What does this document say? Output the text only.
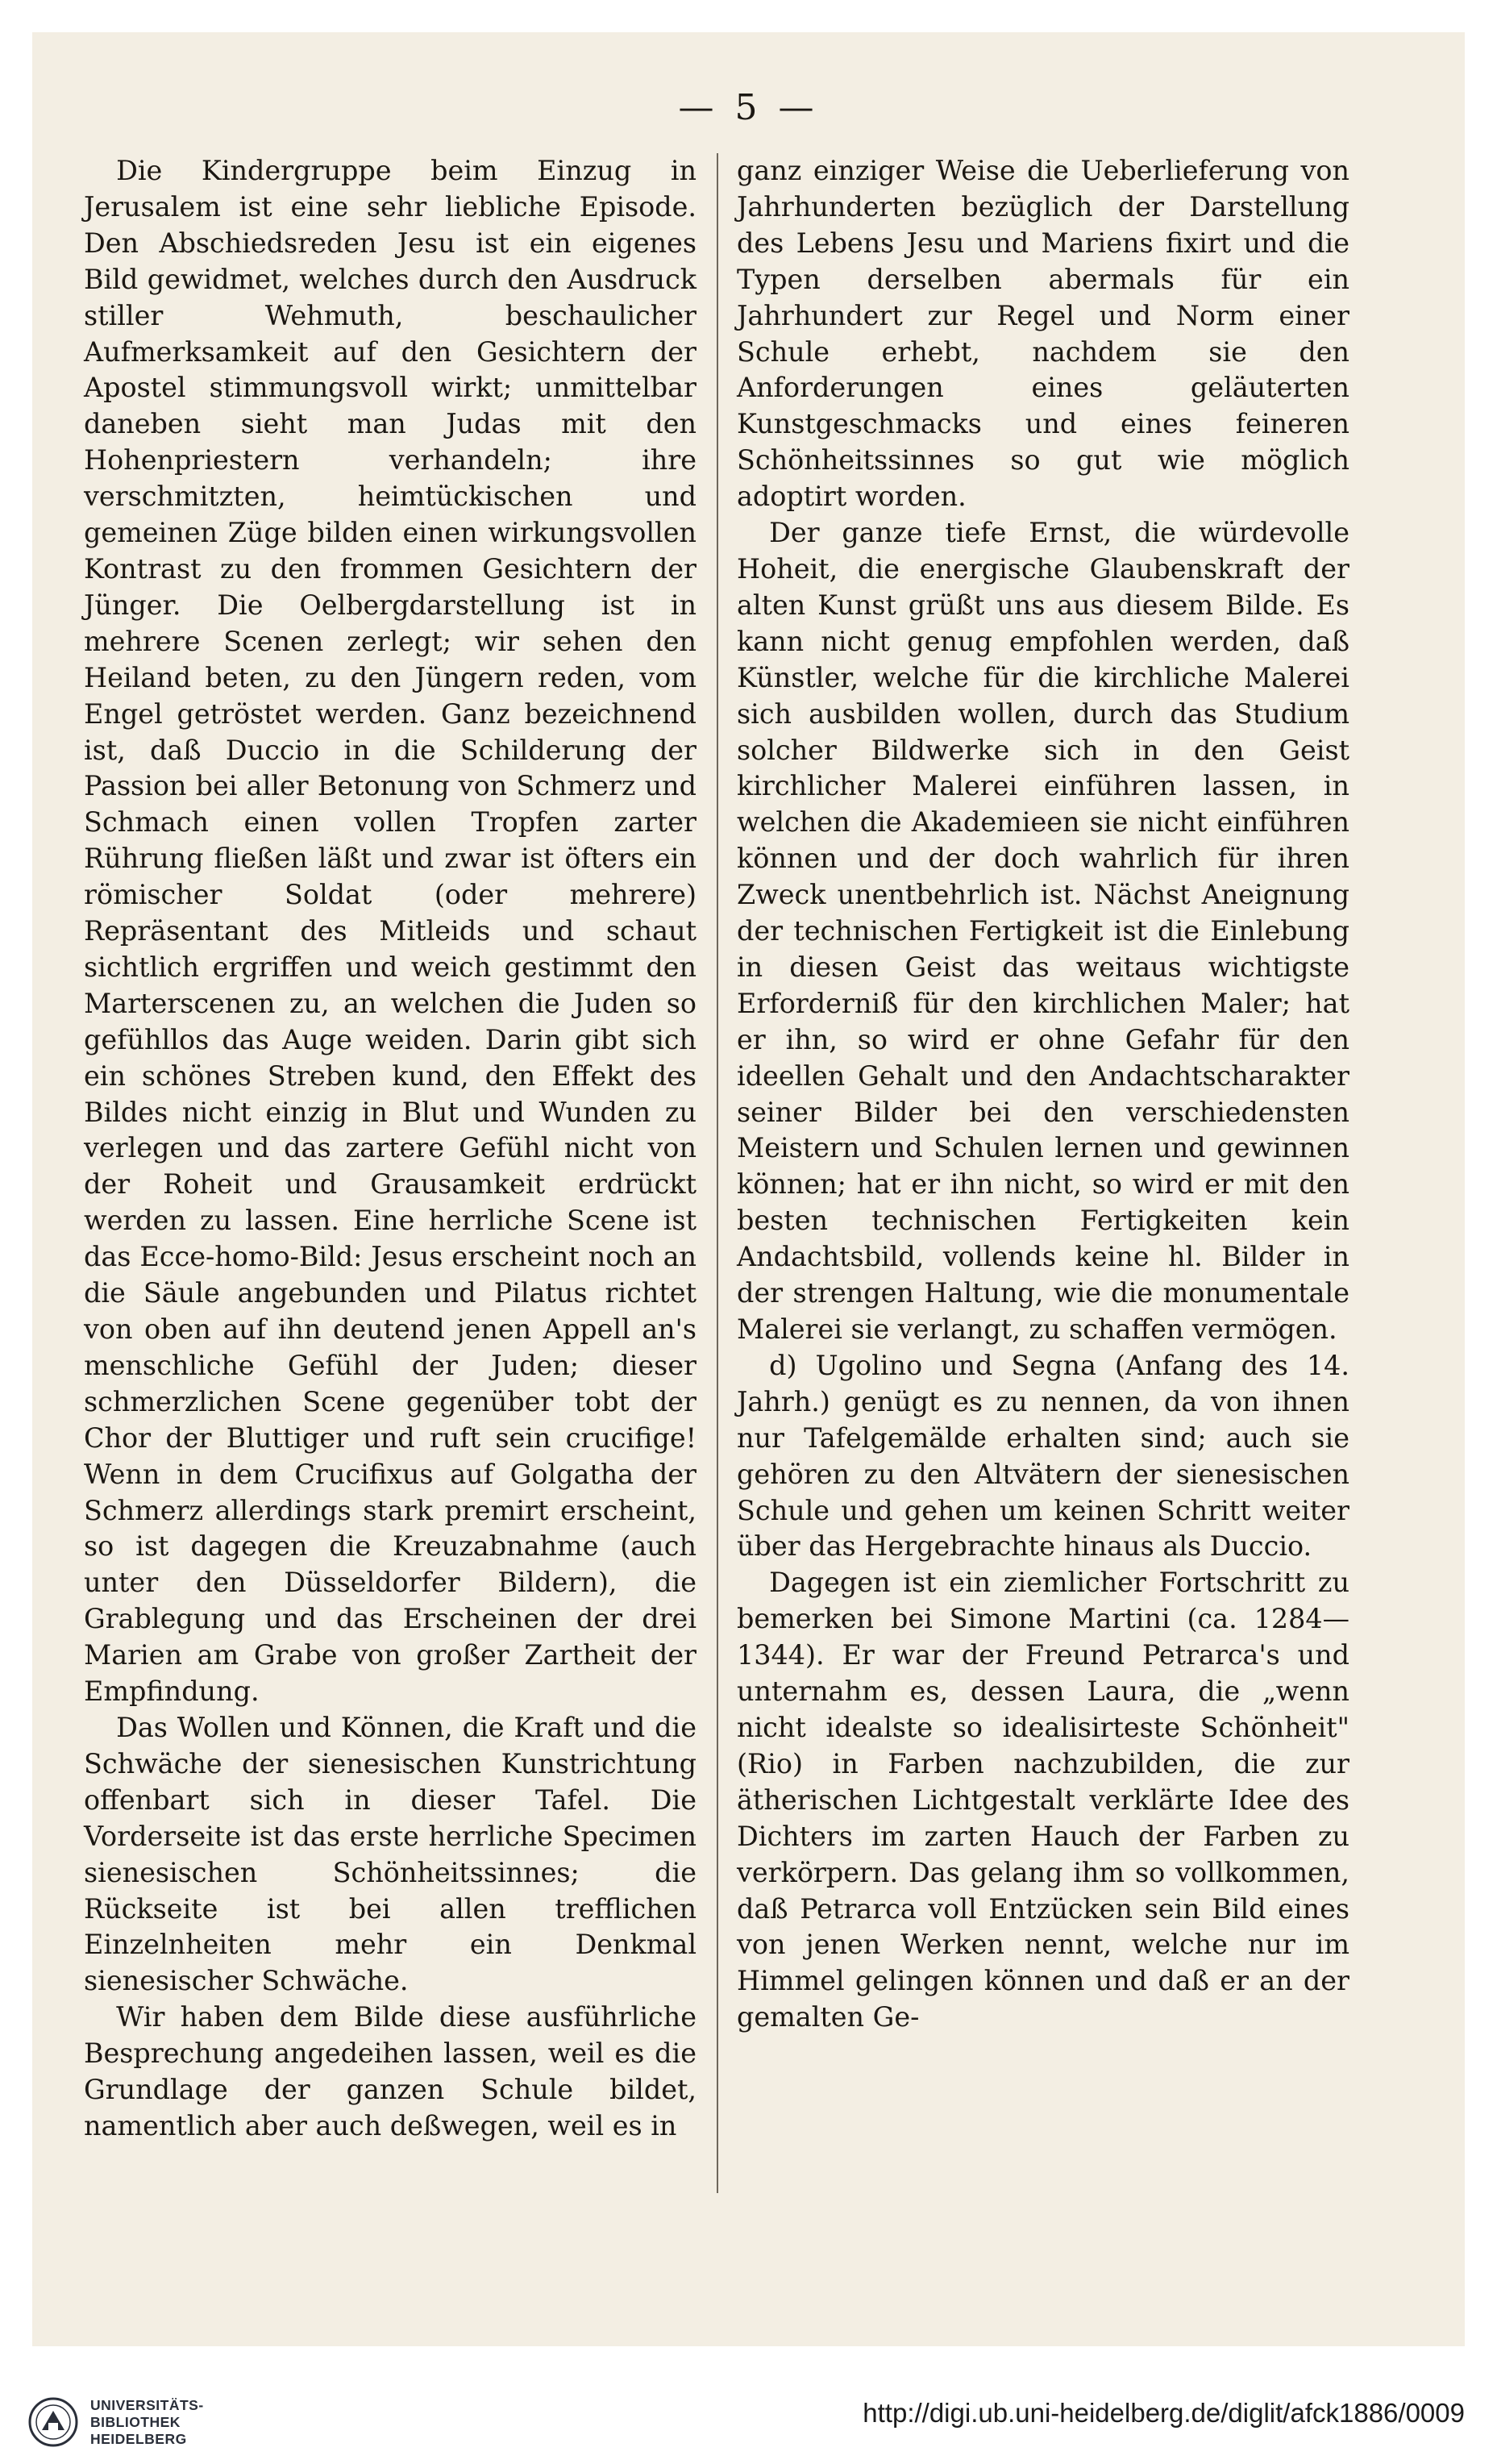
— 5 —

Die Kindergruppe beim Einzug in Jerusalem ist eine sehr liebliche Episode. Den Abschiedsreden Jesu ist ein eigenes Bild gewidmet, welches durch den Ausdruck stiller Wehmuth, beschaulicher Aufmerksamkeit auf den Gesichtern der Apostel stimmungsvoll wirkt; unmittelbar daneben sieht man Judas mit den Hohenpriestern verhandeln; ihre verschmitzten, heimtückischen und gemeinen Züge bilden einen wirkungsvollen Kontrast zu den frommen Gesichtern der Jünger. Die Oelbergdarstellung ist in mehrere Scenen zerlegt; wir sehen den Heiland beten, zu den Jüngern reden, vom Engel getröstet werden. Ganz bezeichnend ist, daß Duccio in die Schilderung der Passion bei aller Betonung von Schmerz und Schmach einen vollen Tropfen zarter Rührung fließen läßt und zwar ist öfters ein römischer Soldat (oder mehrere) Repräsentant des Mitleids und schaut sichtlich ergriffen und weich gestimmt den Marterscenen zu, an welchen die Juden so gefühllos das Auge weiden. Darin gibt sich ein schönes Streben kund, den Effekt des Bildes nicht einzig in Blut und Wunden zu verlegen und das zartere Gefühl nicht von der Roheit und Grausamkeit erdrückt werden zu lassen. Eine herrliche Scene ist das Ecce-homo-Bild: Jesus erscheint noch an die Säule angebunden und Pilatus richtet von oben auf ihn deutend jenen Appell an's menschliche Gefühl der Juden; dieser schmerzlichen Scene gegenüber tobt der Chor der Bluttiger und ruft sein crucifige! Wenn in dem Crucifixus auf Golgatha der Schmerz allerdings stark premirt erscheint, so ist dagegen die Kreuzabnahme (auch unter den Düsseldorfer Bildern), die Grablegung und das Erscheinen der drei Marien am Grabe von großer Zartheit der Empfindung.

Das Wollen und Können, die Kraft und die Schwäche der sienesischen Kunstrichtung offenbart sich in dieser Tafel. Die Vorderseite ist das erste herrliche Specimen sienesischen Schönheitssinnes; die Rückseite ist bei allen trefflichen Einzelnheiten mehr ein Denkmal sienesischer Schwäche.

Wir haben dem Bilde diese ausführliche Besprechung angedeihen lassen, weil es die Grundlage der ganzen Schule bildet, namentlich aber auch deßwegen, weil es in

ganz einziger Weise die Ueberlieferung von Jahrhunderten bezüglich der Darstellung des Lebens Jesu und Mariens fixirt und die Typen derselben abermals für ein Jahrhundert zur Regel und Norm einer Schule erhebt, nachdem sie den Anforderungen eines geläuterten Kunstgeschmacks und eines feineren Schönheitssinnes so gut wie möglich adoptirt worden.

Der ganze tiefe Ernst, die würdevolle Hoheit, die energische Glaubenskraft der alten Kunst grüßt uns aus diesem Bilde. Es kann nicht genug empfohlen werden, daß Künstler, welche für die kirchliche Malerei sich ausbilden wollen, durch das Studium solcher Bildwerke sich in den Geist kirchlicher Malerei einführen lassen, in welchen die Akademieen sie nicht einführen können und der doch wahrlich für ihren Zweck unentbehrlich ist. Nächst Aneignung der technischen Fertigkeit ist die Einlebung in diesen Geist das weitaus wichtigste Erforderniß für den kirchlichen Maler; hat er ihn, so wird er ohne Gefahr für den ideellen Gehalt und den Andachtscharakter seiner Bilder bei den verschiedensten Meistern und Schulen lernen und gewinnen können; hat er ihn nicht, so wird er mit den besten technischen Fertigkeiten kein Andachtsbild, vollends keine hl. Bilder in der strengen Haltung, wie die monumentale Malerei sie verlangt, zu schaffen vermögen.

d) Ugolino und Segna (Anfang des 14. Jahrh.) genügt es zu nennen, da von ihnen nur Tafelgemälde erhalten sind; auch sie gehören zu den Altvätern der sienesischen Schule und gehen um keinen Schritt weiter über das Hergebrachte hinaus als Duccio.

Dagegen ist ein ziemlicher Fortschritt zu bemerken bei Simone Martini (ca. 1284—1344). Er war der Freund Petrarca's und unternahm es, dessen Laura, die „wenn nicht idealste so idealisirteste Schönheit" (Rio) in Farben nachzubilden, die zur ätherischen Lichtgestalt verklärte Idee des Dichters im zarten Hauch der Farben zu verkörpern. Das gelang ihm so vollkommen, daß Petrarca voll Entzücken sein Bild eines von jenen Werken nennt, welche nur im Himmel gelingen können und daß er an der gemalten Ge-

UNIVERSITÄTS-
BIBLIOTHEK
HEIDELBERG
http://digi.ub.uni-heidelberg.de/diglit/afck1886/0009
